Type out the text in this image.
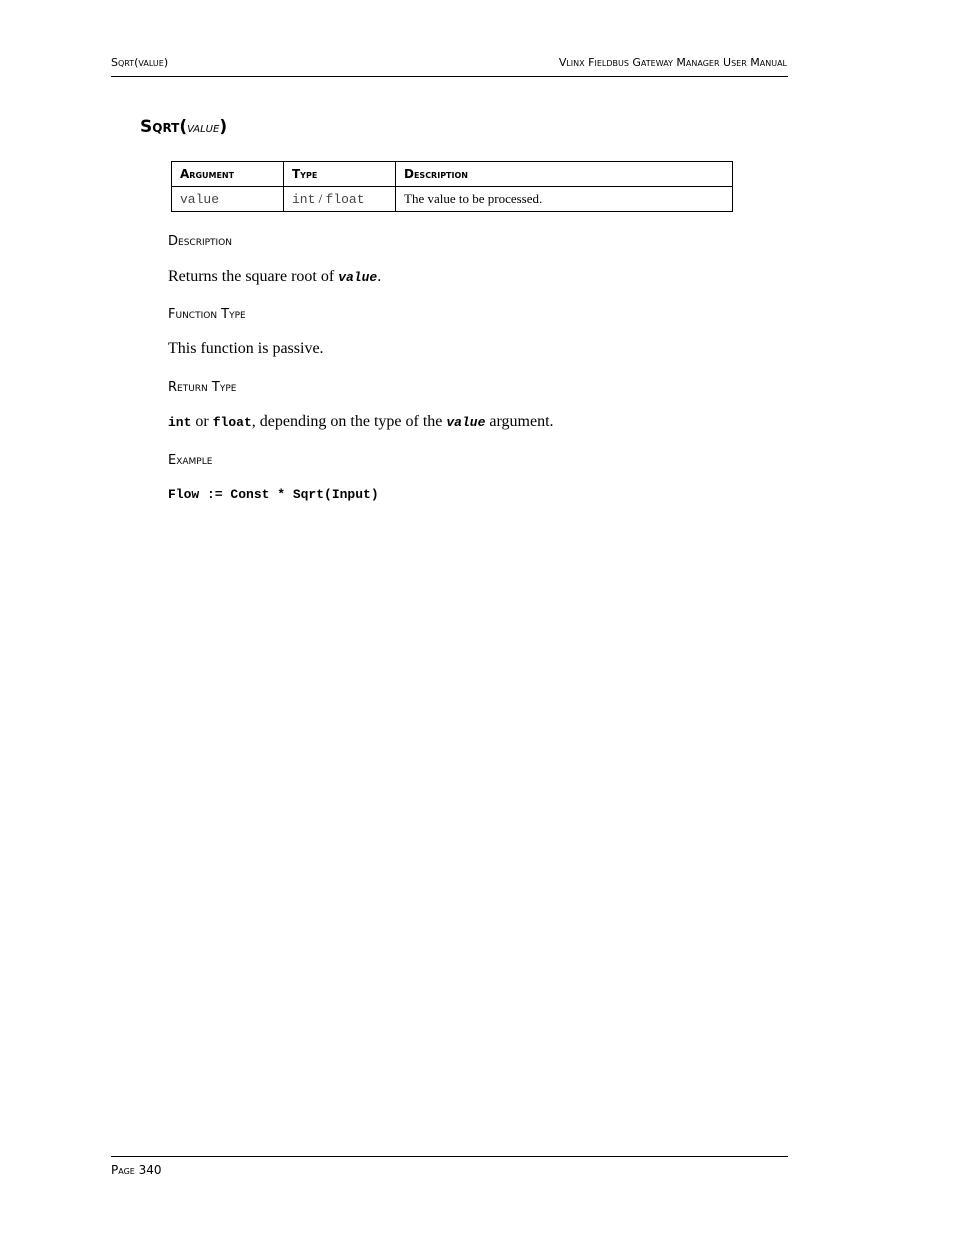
Sqrt(value)	Vlinx Fieldbus Gateway Manager User Manual
Sqrt(value)
Argument	Type	Description
value	int / float	The value to be processed.
Description
Returns the square root of value.
Function Type
This function is passive.
Return Type
int or float, depending on the type of the value argument.
Example
Flow := Const * Sqrt(Input)
Page 340
